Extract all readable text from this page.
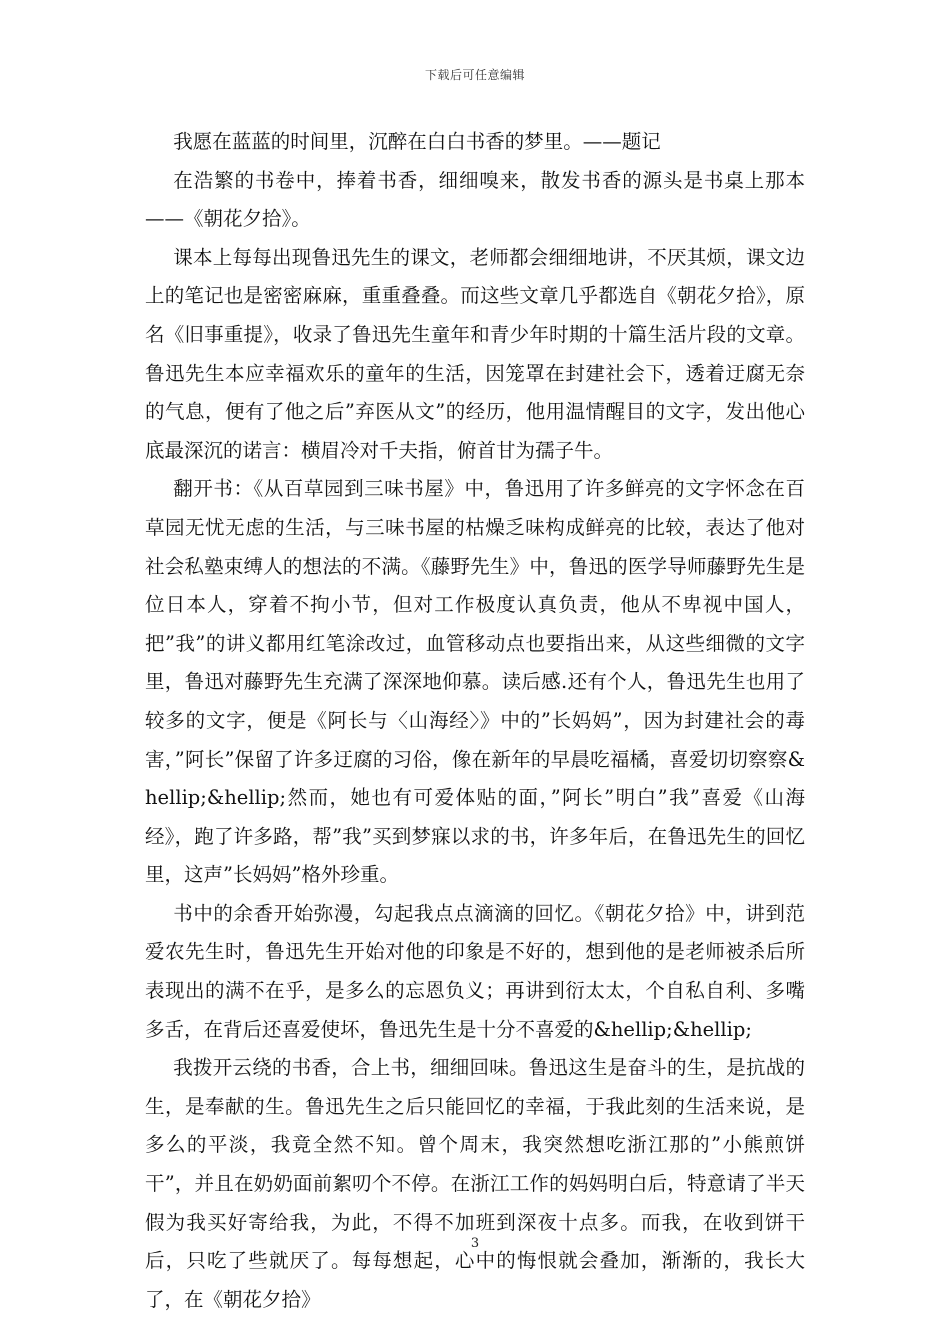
下载后可任意编辑

我愿在蓝蓝的时间里，沉醉在白白书香的梦里。——题记

在浩繁的书卷中，捧着书香，细细嗅来，散发书香的源头是书桌上那本——《朝花夕拾》。

课本上每每出现鲁迅先生的课文，老师都会细细地讲，不厌其烦，课文边上的笔记也是密密麻麻，重重叠叠。而这些文章几乎都选自《朝花夕拾》，原名《旧事重提》，收录了鲁迅先生童年和青少年时期的十篇生活片段的文章。鲁迅先生本应幸福欢乐的童年的生活，因笼罩在封建社会下，透着迂腐无奈的气息，便有了他之后”弃医从文”的经历，他用温情醒目的文字，发出他心底最深沉的诺言：横眉冷对千夫指，俯首甘为孺子牛。

翻开书：《从百草园到三味书屋》中，鲁迅用了许多鲜亮的文字怀念在百草园无忧无虑的生活，与三味书屋的枯燥乏味构成鲜亮的比较，表达了他对社会私塾束缚人的想法的不满。《藤野先生》中，鲁迅的医学导师藤野先生是位日本人，穿着不拘小节，但对工作极度认真负责，他从不卑视中国人，把”我”的讲义都用红笔涂改过，血管移动点也要指出来，从这些细微的文字里，鲁迅对藤野先生充满了深深地仰慕。读后感.还有个人，鲁迅先生也用了较多的文字，便是《阿长与〈山海经〉》中的”长妈妈”，因为封建社会的毒害，”阿长”保留了许多迂腐的习俗，像在新年的早晨吃福橘，喜爱切切察察&hellip;&hellip;然而，她也有可爱体贴的面，”阿长”明白”我”喜爱《山海经》，跑了许多路，帮”我”买到梦寐以求的书，许多年后，在鲁迅先生的回忆里，这声”长妈妈”格外珍重。

书中的余香开始弥漫，勾起我点点滴滴的回忆。《朝花夕拾》中，讲到范爱农先生时，鲁迅先生开始对他的印象是不好的，想到他的是老师被杀后所表现出的满不在乎，是多么的忘恩负义；再讲到衍太太，个自私自利、多嘴多舌，在背后还喜爱使坏，鲁迅先生是十分不喜爱的&hellip;&hellip;

我拨开云绕的书香，合上书，细细回味。鲁迅这生是奋斗的生，是抗战的生，是奉献的生。鲁迅先生之后只能回忆的幸福，于我此刻的生活来说，是多么的平淡，我竟全然不知。曾个周末，我突然想吃浙江那的”小熊煎饼干”，并且在奶奶面前絮叨个不停。在浙江工作的妈妈明白后，特意请了半天假为我买好寄给我，为此，不得不加班到深夜十点多。而我，在收到饼干后，只吃了些就厌了。每每想起，心中的悔恨就会叠加，渐渐的，我长大了，在《朝花夕拾》

3
